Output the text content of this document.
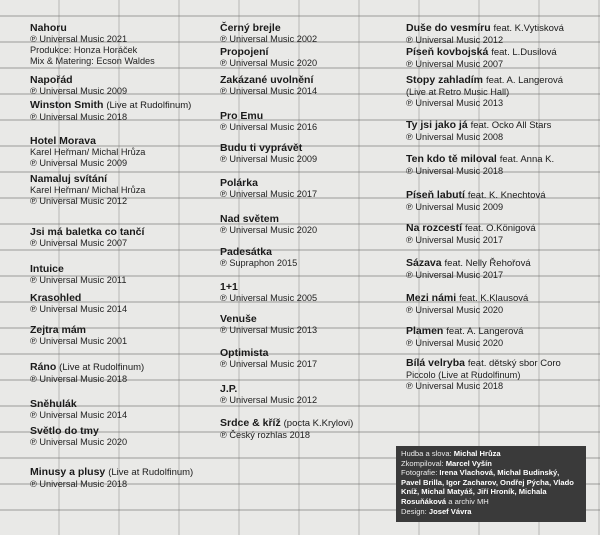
Nahoru
℗ Universal Music 2021
Produkce: Honza Horáček
Mix & Matering: Ecson Waldes
Napořád
℗ Universal Music 2009
Winston Smith (Live at Rudolfinum)
℗ Universal Music 2018
Hotel Morava
Karel Heřman/ Michal Hrůza
℗ Universal Music 2009
Namaluj svítání
Karel Heřman/ Michal Hrůza
℗ Universal Music 2012
Jsi má baletka co tančí
℗ Universal Music 2007
Intuice
℗ Universal Music 2011
Krasohled
℗ Universal Music 2014
Zejtra mám
℗ Universal Music 2001
Ráno (Live at Rudolfinum)
℗ Universal Music 2018
Sněhulák
℗ Universal Music 2014
Světlo do tmy
℗ Universal Music 2020
Minusy a plusy (Live at Rudolfinum)
℗ Universal Music 2018
Černý brejle
℗ Universal Music 2002
Propojení
℗ Universal Music 2020
Zakázané uvolnění
℗ Universal Music 2014
Pro Emu
℗ Universal Music 2016
Budu ti vyprávět
℗ Universal Music 2009
Polárka
℗ Universal Music 2017
Nad světem
℗ Universal Music 2020
Padesátka
℗ Supraphon 2015
1+1
℗ Universal Music 2005
Venuše
℗ Universal Music 2013
Optimista
℗ Universal Music 2017
J.P.
℗ Universal Music 2012
Srdce & kříž (pocta K.Krylovi)
℗ Český rozhlas 2018
Duše do vesmíru feat. K.Vytisková
℗ Universal Music 2012
Píseň kovbojská feat. L.Dusilová
℗ Universal Music 2007
Stopy zahladím feat. A. Langerová
(Live at Retro Music Hall)
℗ Universal Music 2013
Ty jsi jako já feat. Ocko All Stars
℗ Universal Music 2008
Ten kdo tě miloval feat. Anna K.
℗ Universal Music 2018
Píseň labutí feat. K. Knechtová
℗ Universal Music 2009
Na rozcestí feat. O.Königová
℗ Universal Music 2017
Sázava feat. Nelly Řehořová
℗ Universal Music 2017
Mezi námi feat. K.Klausová
℗ Universal Music 2020
Plamen feat. A. Langerová
℗ Universal Music 2020
Bílá velryba feat. dětský sbor Coro
Piccolo (Live at Rudolfinum)
℗ Universal Music 2018
Hudba a slova: Michal Hrůza
Zkompiloval: Marcel Vyšín
Fotografie: Irena Vlachová, Michal Budinský, Pavel Brilla, Igor Zacharov, Ondřej Pýcha, Vlado Kníž, Michal Matyáš, Jiří Hroník, Michala Rosuňáková a archiv MH
Design: Josef Vávra
